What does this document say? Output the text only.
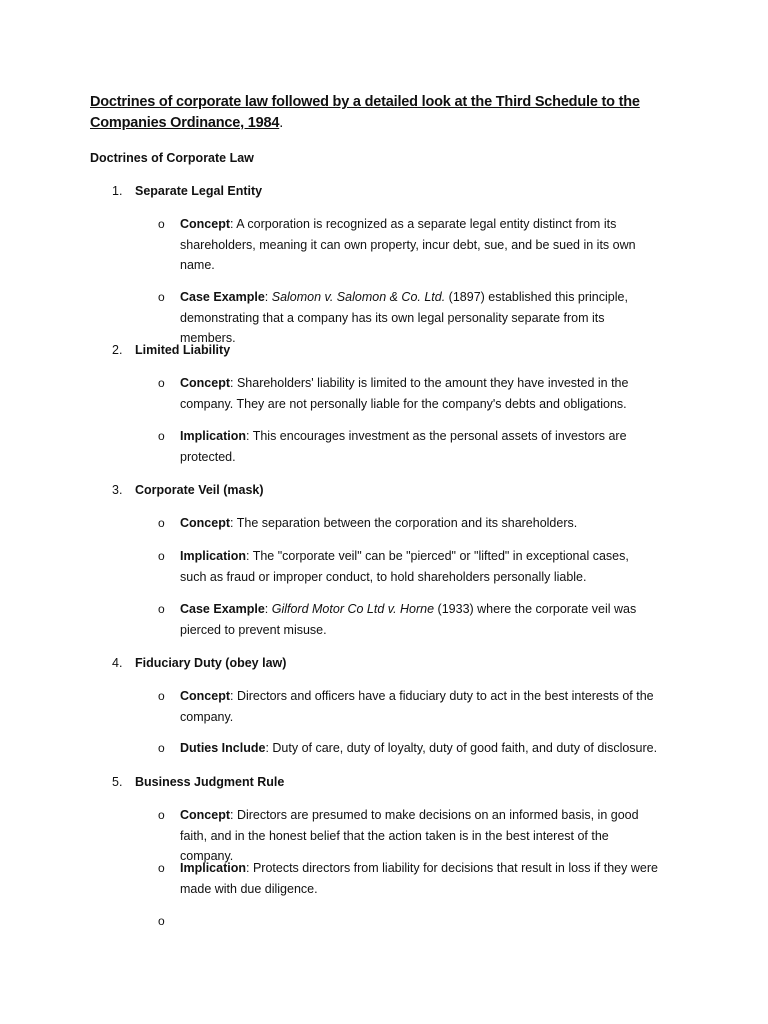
Doctrines of corporate law followed by a detailed look at the Third Schedule to the
Companies Ordinance, 1984.
Doctrines of Corporate Law
1. Separate Legal Entity
o Concept: A corporation is recognized as a separate legal entity distinct from its shareholders, meaning it can own property, incur debt, sue, and be sued in its own name.
o Case Example: Salomon v. Salomon & Co. Ltd. (1897) established this principle, demonstrating that a company has its own legal personality separate from its members.
2. Limited Liability
o Concept: Shareholders' liability is limited to the amount they have invested in the company. They are not personally liable for the company's debts and obligations.
o Implication: This encourages investment as the personal assets of investors are protected.
3. Corporate Veil (mask)
o Concept: The separation between the corporation and its shareholders.
o Implication: The "corporate veil" can be "pierced" or "lifted" in exceptional cases, such as fraud or improper conduct, to hold shareholders personally liable.
o Case Example: Gilford Motor Co Ltd v. Horne (1933) where the corporate veil was pierced to prevent misuse.
4. Fiduciary Duty (obey law)
o Concept: Directors and officers have a fiduciary duty to act in the best interests of the company.
o Duties Include: Duty of care, duty of loyalty, duty of good faith, and duty of disclosure.
5. Business Judgment Rule
o Concept: Directors are presumed to make decisions on an informed basis, in good faith, and in the honest belief that the action taken is in the best interest of the company.
o Implication: Protects directors from liability for decisions that result in loss if they were made with due diligence.
o
